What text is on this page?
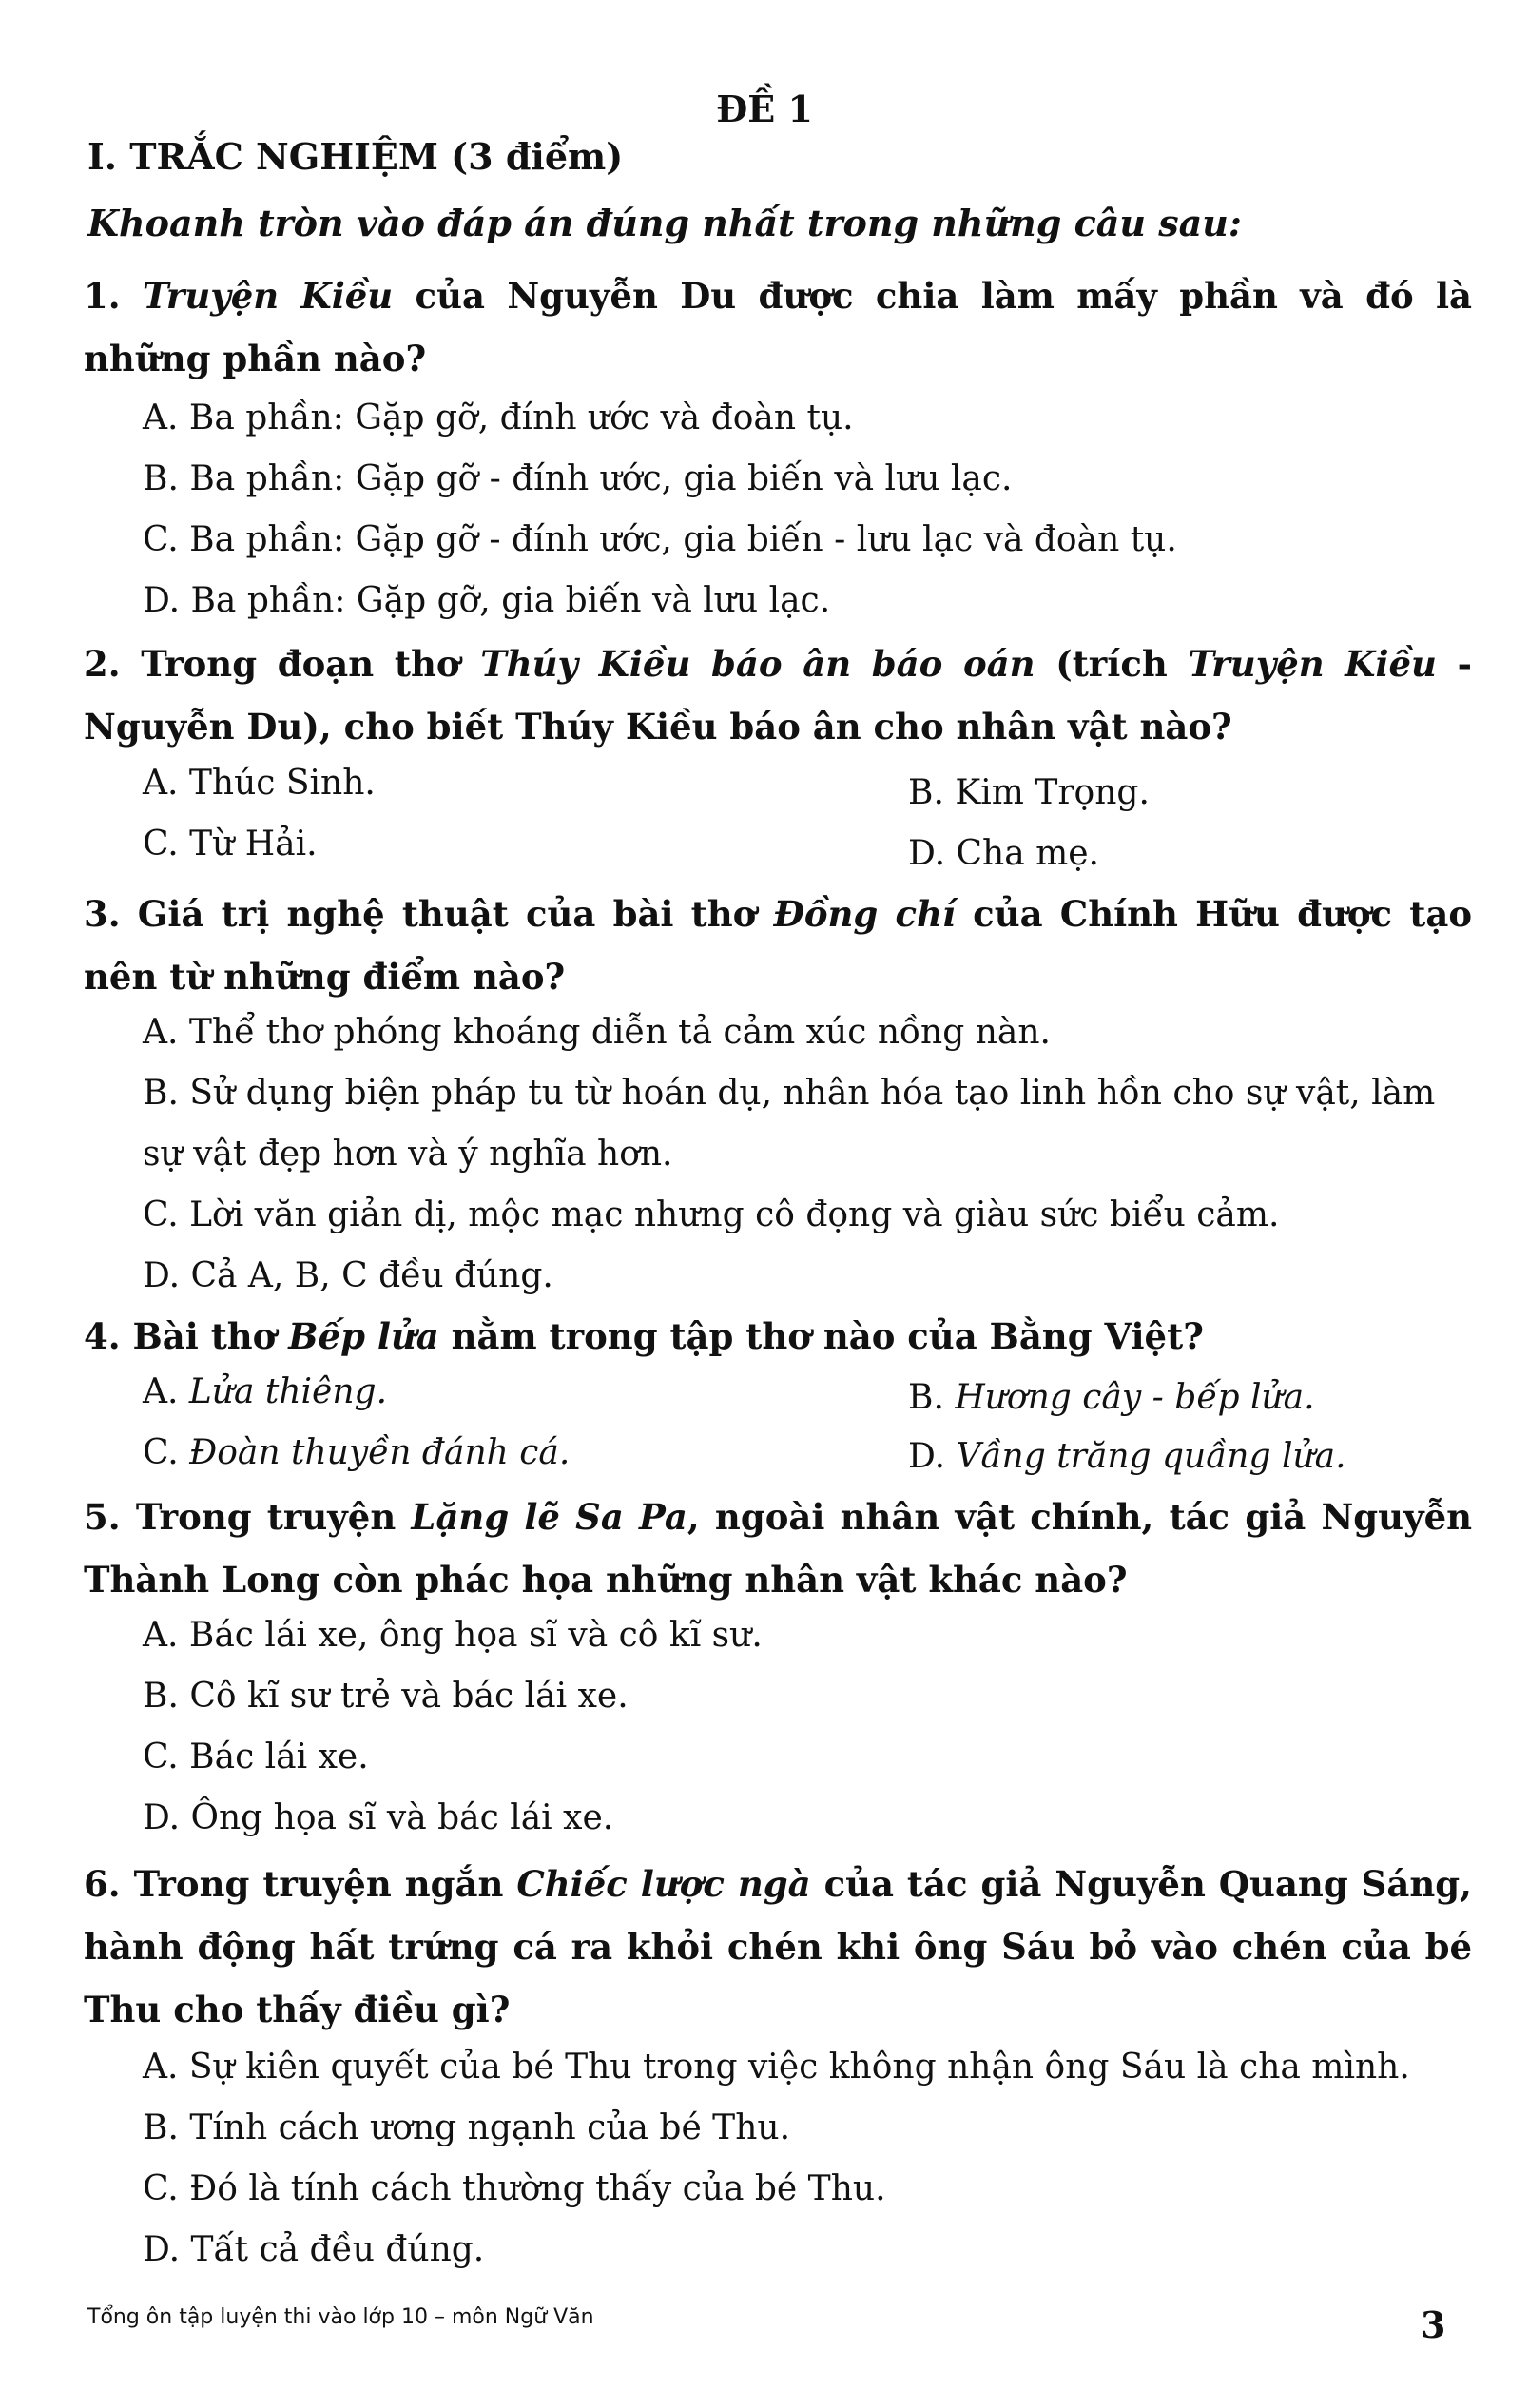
ĐỀ 1
I. TRẮC NGHIỆM (3 điểm)
Khoanh tròn vào đáp án đúng nhất trong những câu sau:
1. Truyện Kiều của Nguyễn Du được chia làm mấy phần và đó là những phần nào?
A. Ba phần: Gặp gỡ, đính ước và đoàn tụ.
B. Ba phần: Gặp gỡ - đính ước, gia biến và lưu lạc.
C. Ba phần: Gặp gỡ - đính ước, gia biến - lưu lạc và đoàn tụ.
D. Ba phần: Gặp gỡ, gia biến và lưu lạc.
2. Trong đoạn thơ Thúy Kiều báo ân báo oán (trích Truyện Kiều - Nguyễn Du), cho biết Thúy Kiều báo ân cho nhân vật nào?
A. Thúc Sinh.	B. Kim Trọng.
C. Từ Hải.	D. Cha mẹ.
3. Giá trị nghệ thuật của bài thơ Đồng chí của Chính Hữu được tạo nên từ những điểm nào?
A. Thể thơ phóng khoáng diễn tả cảm xúc nồng nàn.
B. Sử dụng biện pháp tu từ hoán dụ, nhân hóa tạo linh hồn cho sự vật, làm sự vật đẹp hơn và ý nghĩa hơn.
C. Lời văn giản dị, mộc mạc nhưng cô đọng và giàu sức biểu cảm.
D. Cả A, B, C đều đúng.
4. Bài thơ Bếp lửa nằm trong tập thơ nào của Bằng Việt?
A. Lửa thiêng.	B. Hương cây - bếp lửa.
C. Đoàn thuyền đánh cá.	D. Vầng trăng quầng lửa.
5. Trong truyện Lặng lẽ Sa Pa, ngoài nhân vật chính, tác giả Nguyễn Thành Long còn phác họa những nhân vật khác nào?
A. Bác lái xe, ông họa sĩ và cô kĩ sư.
B. Cô kĩ sư trẻ và bác lái xe.
C. Bác lái xe.
D. Ông họa sĩ và bác lái xe.
6. Trong truyện ngắn Chiếc lược ngà của tác giả Nguyễn Quang Sáng, hành động hất trứng cá ra khỏi chén khi ông Sáu bỏ vào chén của bé Thu cho thấy điều gì?
A. Sự kiên quyết của bé Thu trong việc không nhận ông Sáu là cha mình.
B. Tính cách ương ngạnh của bé Thu.
C. Đó là tính cách thường thấy của bé Thu.
D. Tất cả đều đúng.
Tổng ôn tập luyện thi vào lớp 10 – môn Ngữ Văn	3
